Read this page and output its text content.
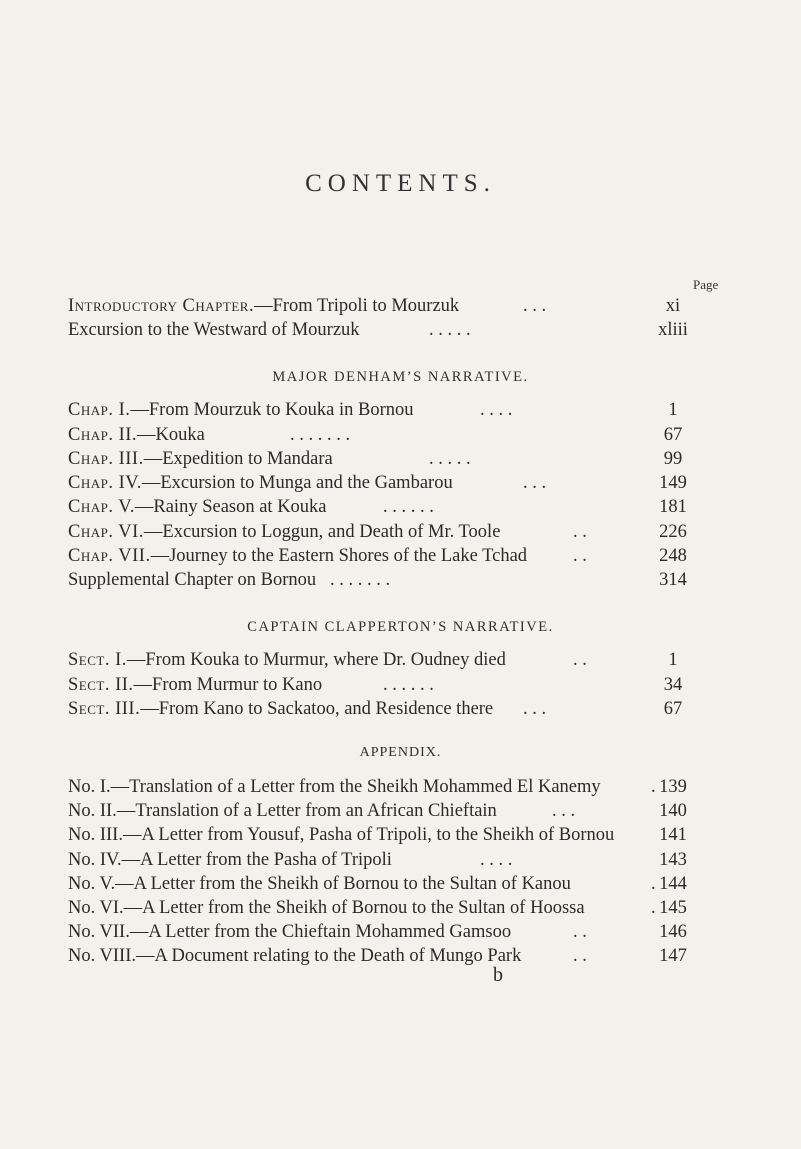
CONTENTS.
Page
Introductory Chapter.—From Tripoli to Mourzuk	. . .	xi
Excursion to the Westward of Mourzuk	. . . . .	xliii
MAJOR DENHAM’S NARRATIVE.
Chap. I.—From Mourzuk to Kouka in Bornou	. . . .	1
Chap. II.—Kouka	. . . . . . .	67
Chap. III.—Expedition to Mandara	. . . . .	99
Chap. IV.—Excursion to Munga and the Gambarou	. . .	149
Chap. V.—Rainy Season at Kouka	. . . . . .	181
Chap. VI.—Excursion to Loggun, and Death of Mr. Toole	. .	226
Chap. VII.—Journey to the Eastern Shores of the Lake Tchad . .	248
Supplemental Chapter on Bornou . . . . . . .	314
CAPTAIN CLAPPERTON’S NARRATIVE.
Sect. I.—From Kouka to Murmur, where Dr. Oudney died	. .	1
Sect. II.—From Murmur to Kano	. . . . . .	34
Sect. III.—From Kano to Sackatoo, and Residence there . . .	67
APPENDIX.
No. I.—Translation of a Letter from the Sheikh Mohammed El Kanemy	. 139
No. II.—Translation of a Letter from an African Chieftain	. . .	140
No. III.—A Letter from Yousuf, Pasha of Tripoli, to the Sheikh of Bornou	141
No. IV.—A Letter from the Pasha of Tripoli	. . . .	143
No. V.—A Letter from the Sheikh of Bornou to the Sultan of Kanou	. 144
No. VI.—A Letter from the Sheikh of Bornou to the Sultan of Hoossa	. 145
No. VII.—A Letter from the Chieftain Mohammed Gamsoo	. .	146
No. VIII.—A Document relating to the Death of Mungo Park	. .	147
b
